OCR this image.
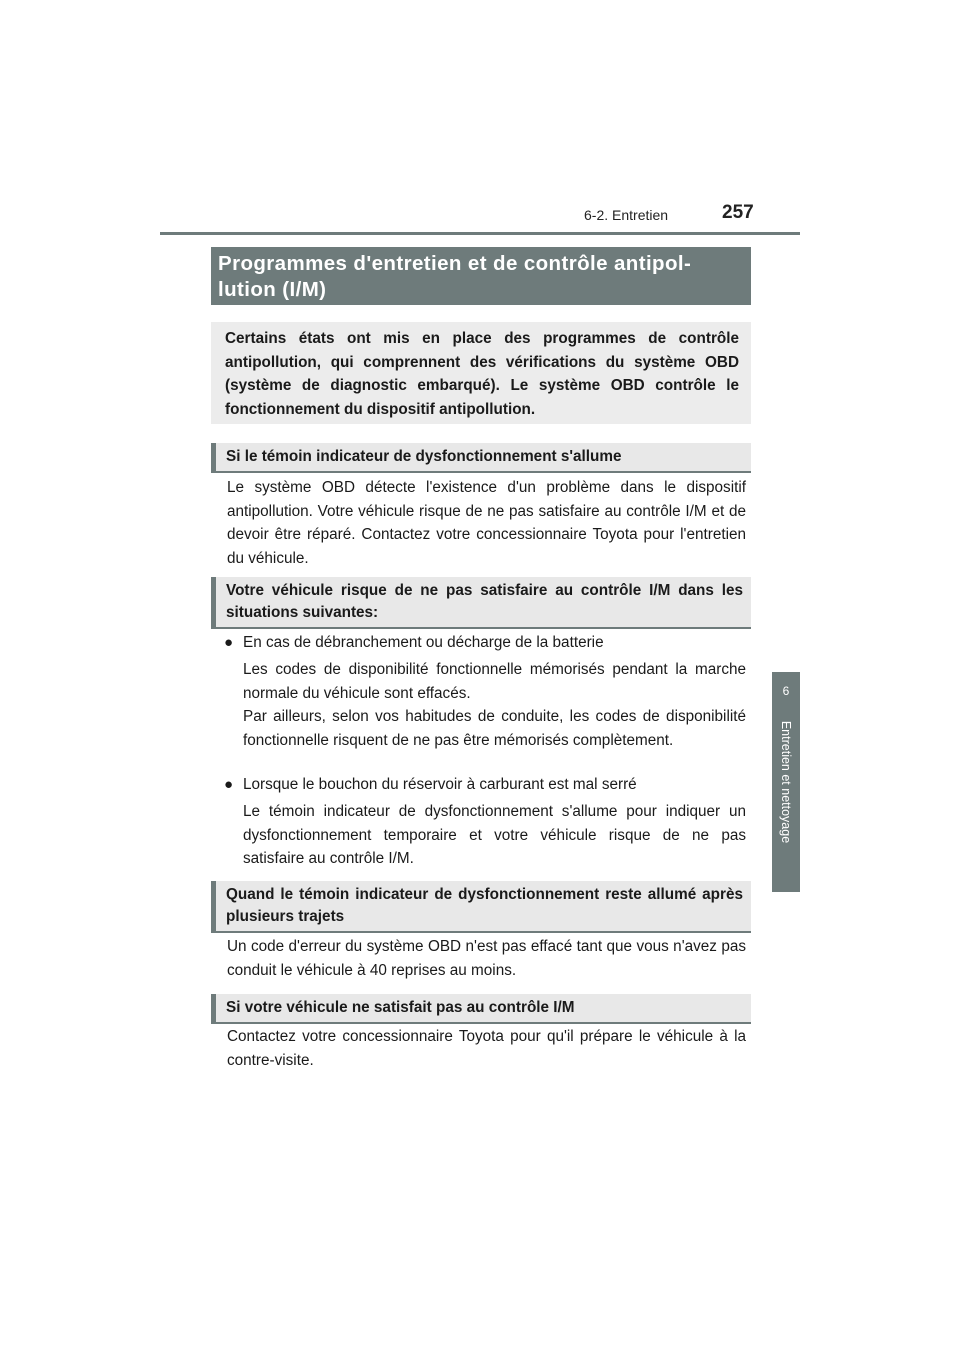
6-2. Entretien	257
6
Entretien et nettoyage
Programmes d'entretien et de contrôle antipol-
lution (I/M)
Certains états ont mis en place des programmes de contrôle antipollution, qui comprennent des vérifications du système OBD (système de diagnostic embarqué). Le système OBD contrôle le fonctionnement du dispositif antipollution.
Si le témoin indicateur de dysfonctionnement s'allume
Le système OBD détecte l'existence d'un problème dans le dispositif antipollution. Votre véhicule risque de ne pas satisfaire au contrôle I/M et de devoir être réparé. Contactez votre concessionnaire Toyota pour l'entretien du véhicule.
Votre véhicule risque de ne pas satisfaire au contrôle I/M dans les situations suivantes:
● En cas de débranchement ou décharge de la batterie
Les codes de disponibilité fonctionnelle mémorisés pendant la marche normale du véhicule sont effacés.
Par ailleurs, selon vos habitudes de conduite, les codes de disponibilité fonctionnelle risquent de ne pas être mémorisés complètement.
● Lorsque le bouchon du réservoir à carburant est mal serré
Le témoin indicateur de dysfonctionnement s'allume pour indiquer un dysfonctionnement temporaire et votre véhicule risque de ne pas satisfaire au contrôle I/M.
Quand le témoin indicateur de dysfonctionnement reste allumé après plusieurs trajets
Un code d'erreur du système OBD n'est pas effacé tant que vous n'avez pas conduit le véhicule à 40 reprises au moins.
Si votre véhicule ne satisfait pas au contrôle I/M
Contactez votre concessionnaire Toyota pour qu'il prépare le véhicule à la contre-visite.
